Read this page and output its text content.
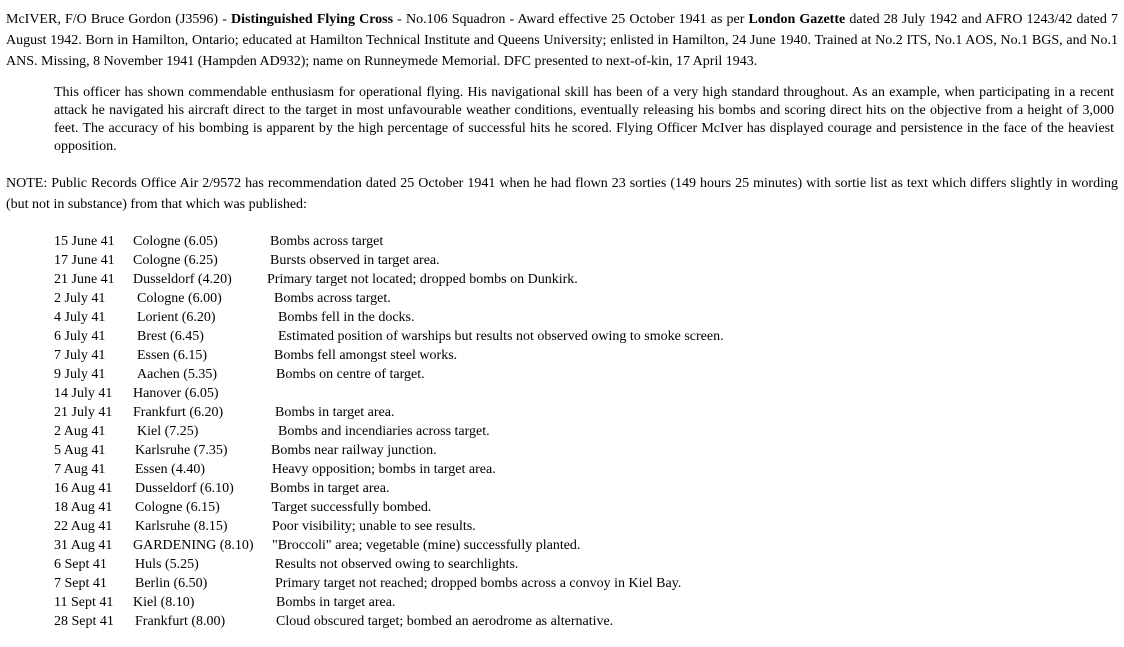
McIVER, F/O Bruce Gordon (J3596) - Distinguished Flying Cross - No.106 Squadron - Award effective 25 October 1941 as per London Gazette dated 28 July 1942 and AFRO 1243/42 dated 7 August 1942. Born in Hamilton, Ontario; educated at Hamilton Technical Institute and Queens University; enlisted in Hamilton, 24 June 1940. Trained at No.2 ITS, No.1 AOS, No.1 BGS, and No.1 ANS. Missing, 8 November 1941 (Hampden AD932); name on Runneymede Memorial. DFC presented to next-of-kin, 17 April 1943.

This officer has shown commendable enthusiasm for operational flying. His navigational skill has been of a very high standard throughout. As an example, when participating in a recent attack he navigated his aircraft direct to the target in most unfavourable weather conditions, eventually releasing his bombs and scoring direct hits on the objective from a height of 3,000 feet. The accuracy of his bombing is apparent by the high percentage of successful hits he scored. Flying Officer McIver has displayed courage and persistence in the face of the heaviest opposition.

NOTE: Public Records Office Air 2/9572 has recommendation dated 25 October 1941 when he had flown 23 sorties (149 hours 25 minutes) with sortie list as text which differs slightly in wording (but not in substance) from that which was published:

15 June 41 Cologne (6.05)	Bombs across target
17 June 41 Cologne (6.25)	Bursts observed in target area.
21 June 41 Dusseldorf (4.20)	Primary target not located; dropped bombs on Dunkirk.
2 July 41 Cologne (6.00)	Bombs across target.
4 July 41 Lorient (6.20)	Bombs fell in the docks.
6 July 41 Brest (6.45)	Estimated position of warships but results not observed owing to smoke screen.
7 July 41 Essen (6.15)	Bombs fell amongst steel works.
9 July 41 Aachen (5.35)	Bombs on centre of target.
14 July 41 Hanover (6.05)
21 July 41 Frankfurt (6.20)	Bombs in target area.
2 Aug 41 Kiel (7.25)	Bombs and incendiaries across target.
5 Aug 41 Karlsruhe (7.35)	Bombs near railway junction.
7 Aug 41 Essen (4.40)	Heavy opposition; bombs in target area.
16 Aug 41 Dusseldorf (6.10)	Bombs in target area.
18 Aug 41 Cologne (6.15)	Target successfully bombed.
22 Aug 41 Karlsruhe (8.15)	Poor visibility; unable to see results.
31 Aug 41 GARDENING (8.10) "Broccoli" area; vegetable (mine) successfully planted.
6 Sept 41 Huls (5.25)	Results not observed owing to searchlights.
7 Sept 41 Berlin (6.50)	Primary target not reached; dropped bombs across a convoy in Kiel Bay.
11 Sept 41 Kiel (8.10)	Bombs in target area.
28 Sept 41 Frankfurt (8.00)	Cloud obscured target; bombed an aerodrome as alternative.
